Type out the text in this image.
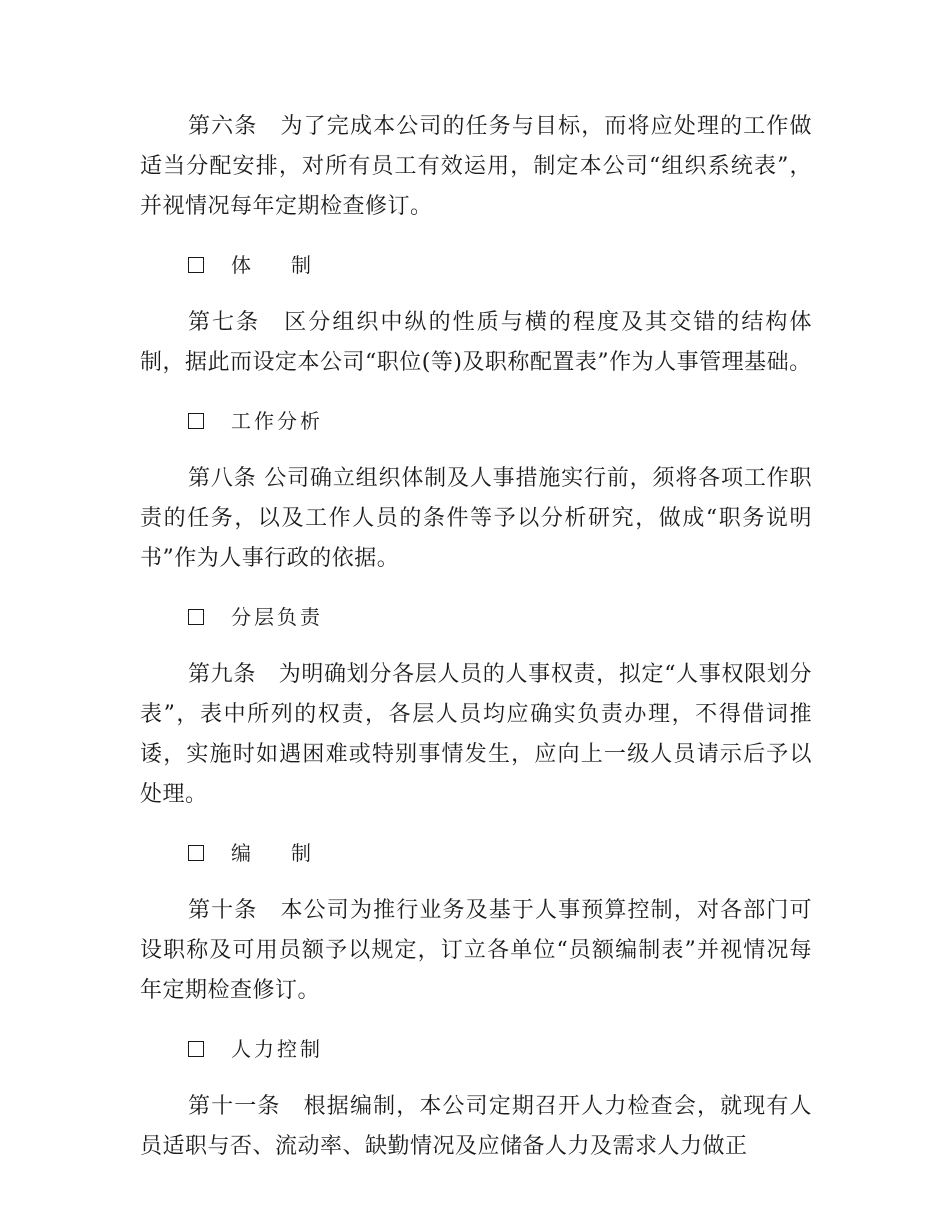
第六条　为了完成本公司的任务与目标，而将应处理的工作做适当分配安排，对所有员工有效运用，制定本公司“组织系统表”，并视情况每年定期检查修订。

体制

第七条　区分组织中纵的性质与横的程度及其交错的结构体制，据此而设定本公司“职位(等)及职称配置表”作为人事管理基础。

工作分析

第八条 公司确立组织体制及人事措施实行前，须将各项工作职责的任务，以及工作人员的条件等予以分析研究，做成“职务说明书”作为人事行政的依据。

分层负责

第九条　为明确划分各层人员的人事权责，拟定“人事权限划分表”，表中所列的权责，各层人员均应确实负责办理，不得借词推诿，实施时如遇困难或特别事情发生，应向上一级人员请示后予以处理。

编制

第十条　本公司为推行业务及基于人事预算控制，对各部门可设职称及可用员额予以规定，订立各单位“员额编制表”并视情况每年定期检查修订。

人力控制

第十一条　根据编制，本公司定期召开人力检查会，就现有人员适职与否、流动率、缺勤情况及应储备人力及需求人力做正
